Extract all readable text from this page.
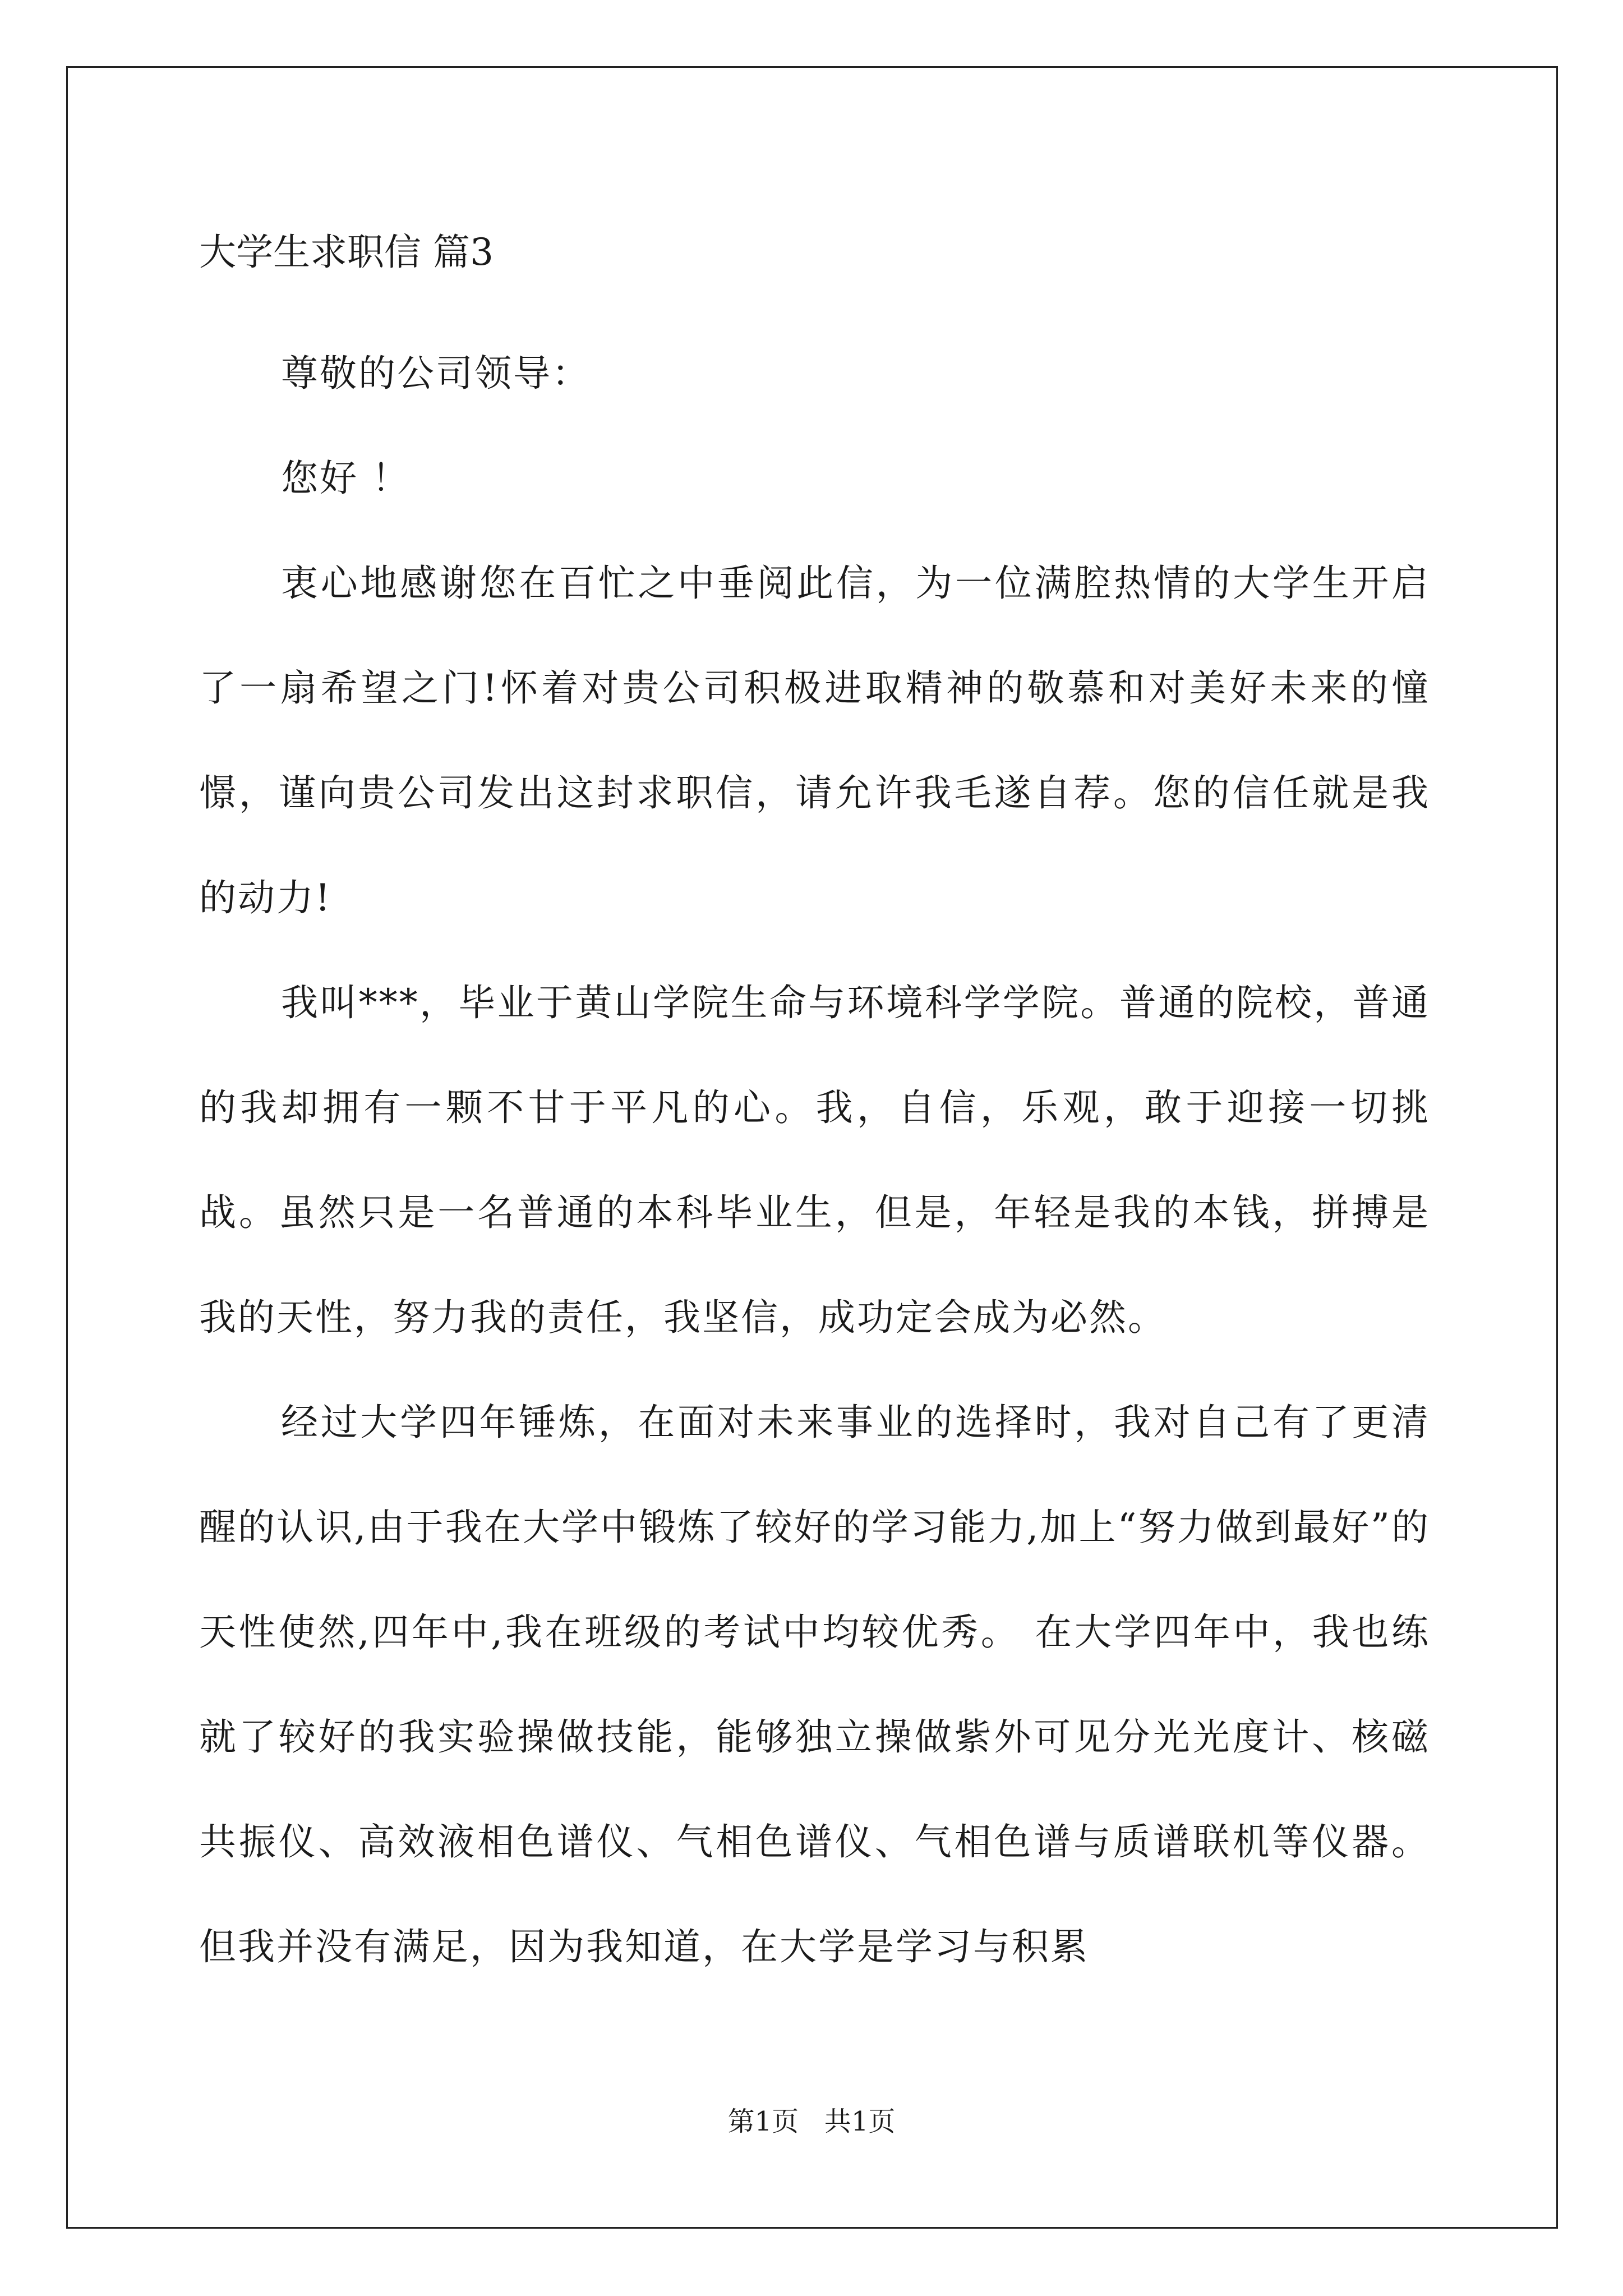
大学生求职信 篇3

尊敬的公司领导：

您好 ！

衷心地感谢您在百忙之中垂阅此信，为一位满腔热情的大学生开启了一扇希望之门!怀着对贵公司积极进取精神的敬慕和对美好未来的憧憬，谨向贵公司发出这封求职信，请允许我毛遂自荐。您的信任就是我的动力!

我叫***，毕业于黄山学院生命与环境科学学院。普通的院校，普通的我却拥有一颗不甘于平凡的心。我，自信，乐观，敢于迎接一切挑战。虽然只是一名普通的本科毕业生，但是，年轻是我的本钱，拼搏是我的天性，努力我的责任，我坚信，成功定会成为必然。

经过大学四年锤炼，在面对未来事业的选择时，我对自己有了更清醒的认识,由于我在大学中锻炼了较好的学习能力,加上“努力做到最好”的天性使然,四年中,我在班级的考试中均较优秀。 在大学四年中，我也练就了较好的我实验操做技能，能够独立操做紫外可见分光光度计、核磁共振仪、高效液相色谱仪、气相色谱仪、气相色谱与质谱联机等仪器。但我并没有满足，因为我知道，在大学是学习与积累

第1页   共1页
